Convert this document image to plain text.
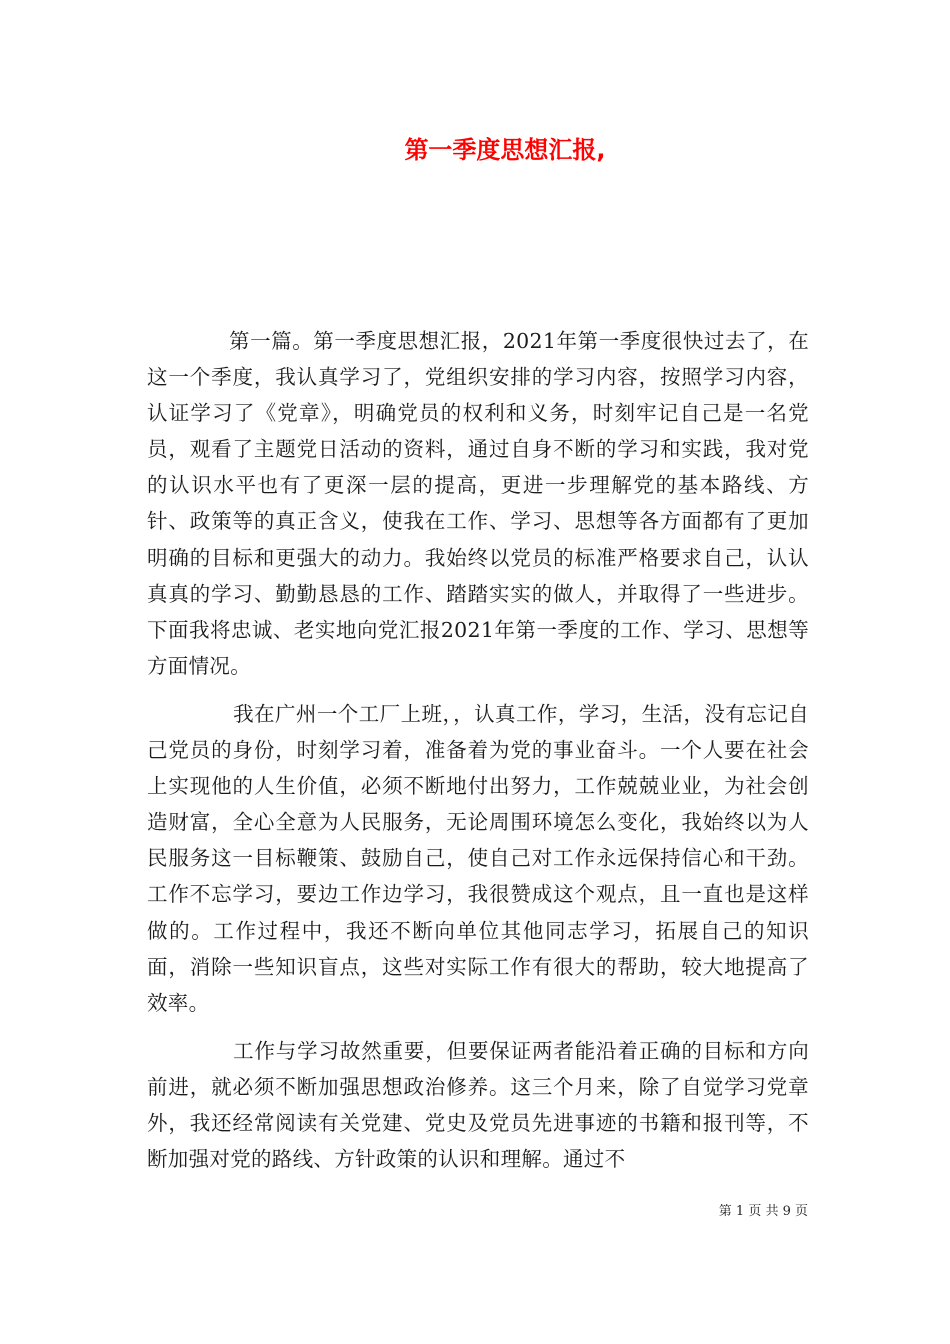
第一季度思想汇报,

第一篇。第一季度思想汇报，2021年第一季度很快过去了，在这一个季度，我认真学习了，党组织安排的学习内容，按照学习内容，认证学习了《党章》，明确党员的权利和义务，时刻牢记自己是一名党员，观看了主题党日活动的资料，通过自身不断的学习和实践，我对党的认识水平也有了更深一层的提高，更进一步理解党的基本路线、方针、政策等的真正含义，使我在工作、学习、思想等各方面都有了更加明确的目标和更强大的动力。我始终以党员的标准严格要求自己，认认真真的学习、勤勤恳恳的工作、踏踏实实的做人，并取得了一些进步。下面我将忠诚、老实地向党汇报2021年第一季度的工作、学习、思想等方面情况。

我在广州一个工厂上班，，认真工作，学习，生活，没有忘记自己党员的身份，时刻学习着，准备着为党的事业奋斗。一个人要在社会上实现他的人生价值，必须不断地付出努力，工作兢兢业业，为社会创造财富，全心全意为人民服务，无论周围环境怎么变化，我始终以为人民服务这一目标鞭策、鼓励自己，使自己对工作永远保持信心和干劲。工作不忘学习，要边工作边学习，我很赞成这个观点，且一直也是这样做的。工作过程中，我还不断向单位其他同志学习，拓展自己的知识面，消除一些知识盲点，这些对实际工作有很大的帮助，较大地提高了效率。

工作与学习故然重要，但要保证两者能沿着正确的目标和方向前进，就必须不断加强思想政治修养。这三个月来，除了自觉学习党章外，我还经常阅读有关党建、党史及党员先进事迹的书籍和报刊等，不断加强对党的路线、方针政策的认识和理解。通过不

第 1 页 共 9 页
